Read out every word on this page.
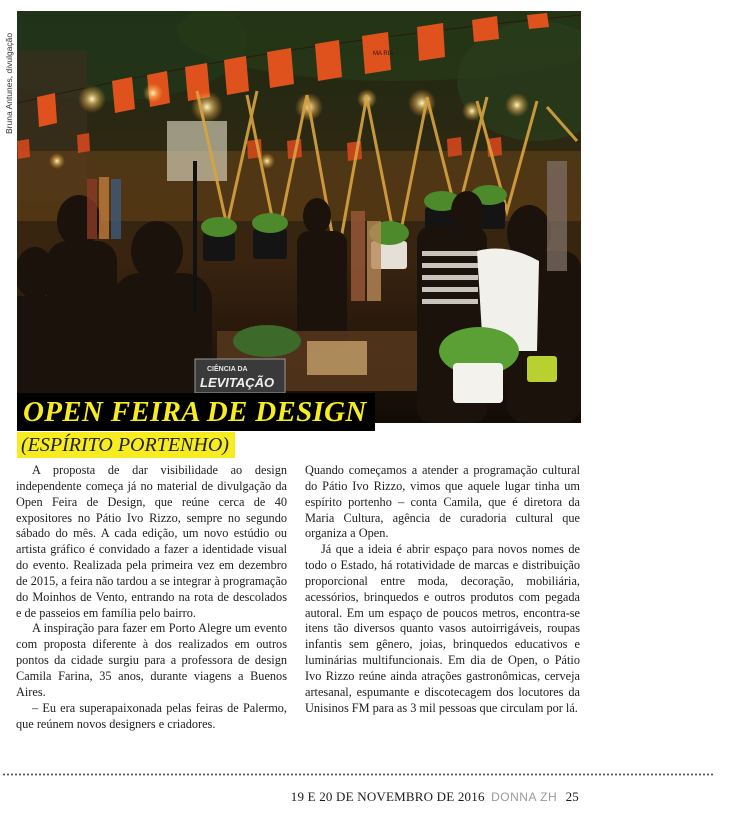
MA RIA
CIÊNCIA DA
LEVITAÇÃO
Bruna Antunes, divulgação
OPEN FEIRA DE DESIGN
(ESPÍRITO PORTENHO)

A proposta de dar visibilidade ao design independente começa já no material de divulgação da Open Feira de Design, que reúne cerca de 40 expositores no Pátio Ivo Rizzo, sempre no segundo sábado do mês. A cada edição, um novo estúdio ou artista gráfico é convidado a fazer a identidade visual do evento. Realizada pela primeira vez em dezembro de 2015, a feira não tardou a se integrar à programação do Moinhos de Vento, entrando na rota de descolados e de passeios em família pelo bairro.

A inspiração para fazer em Porto Alegre um evento com proposta diferente à dos realizados em outros pontos da cidade surgiu para a professora de design Camila Farina, 35 anos, durante viagens a Buenos Aires.

– Eu era superapaixonada pelas feiras de Palermo, que reúnem novos designers e criadores.

Quando começamos a atender a programação cultural do Pátio Ivo Rizzo, vimos que aquele lugar tinha um espírito portenho – conta Camila, que é diretora da Maria Cultura, agência de curadoria cultural que organiza a Open.

Já que a ideia é abrir espaço para novos nomes de todo o Estado, há rotatividade de marcas e distribuição proporcional entre moda, decoração, mobiliária, acessórios, brinquedos e outros produtos com pegada autoral. Em um espaço de poucos metros, encontra-se itens tão diversos quanto vasos autoirrigáveis, roupas infantis sem gênero, joias, brinquedos educativos e luminárias multifuncionais. Em dia de Open, o Pátio Ivo Rizzo reúne ainda atrações gastronômicas, cerveja artesanal, espumante e discotecagem dos locutores da Unisinos FM para as 3 mil pessoas que circulam por lá.

19 E 20 DE NOVEMBRO DE 2016 DONNA ZH 25
